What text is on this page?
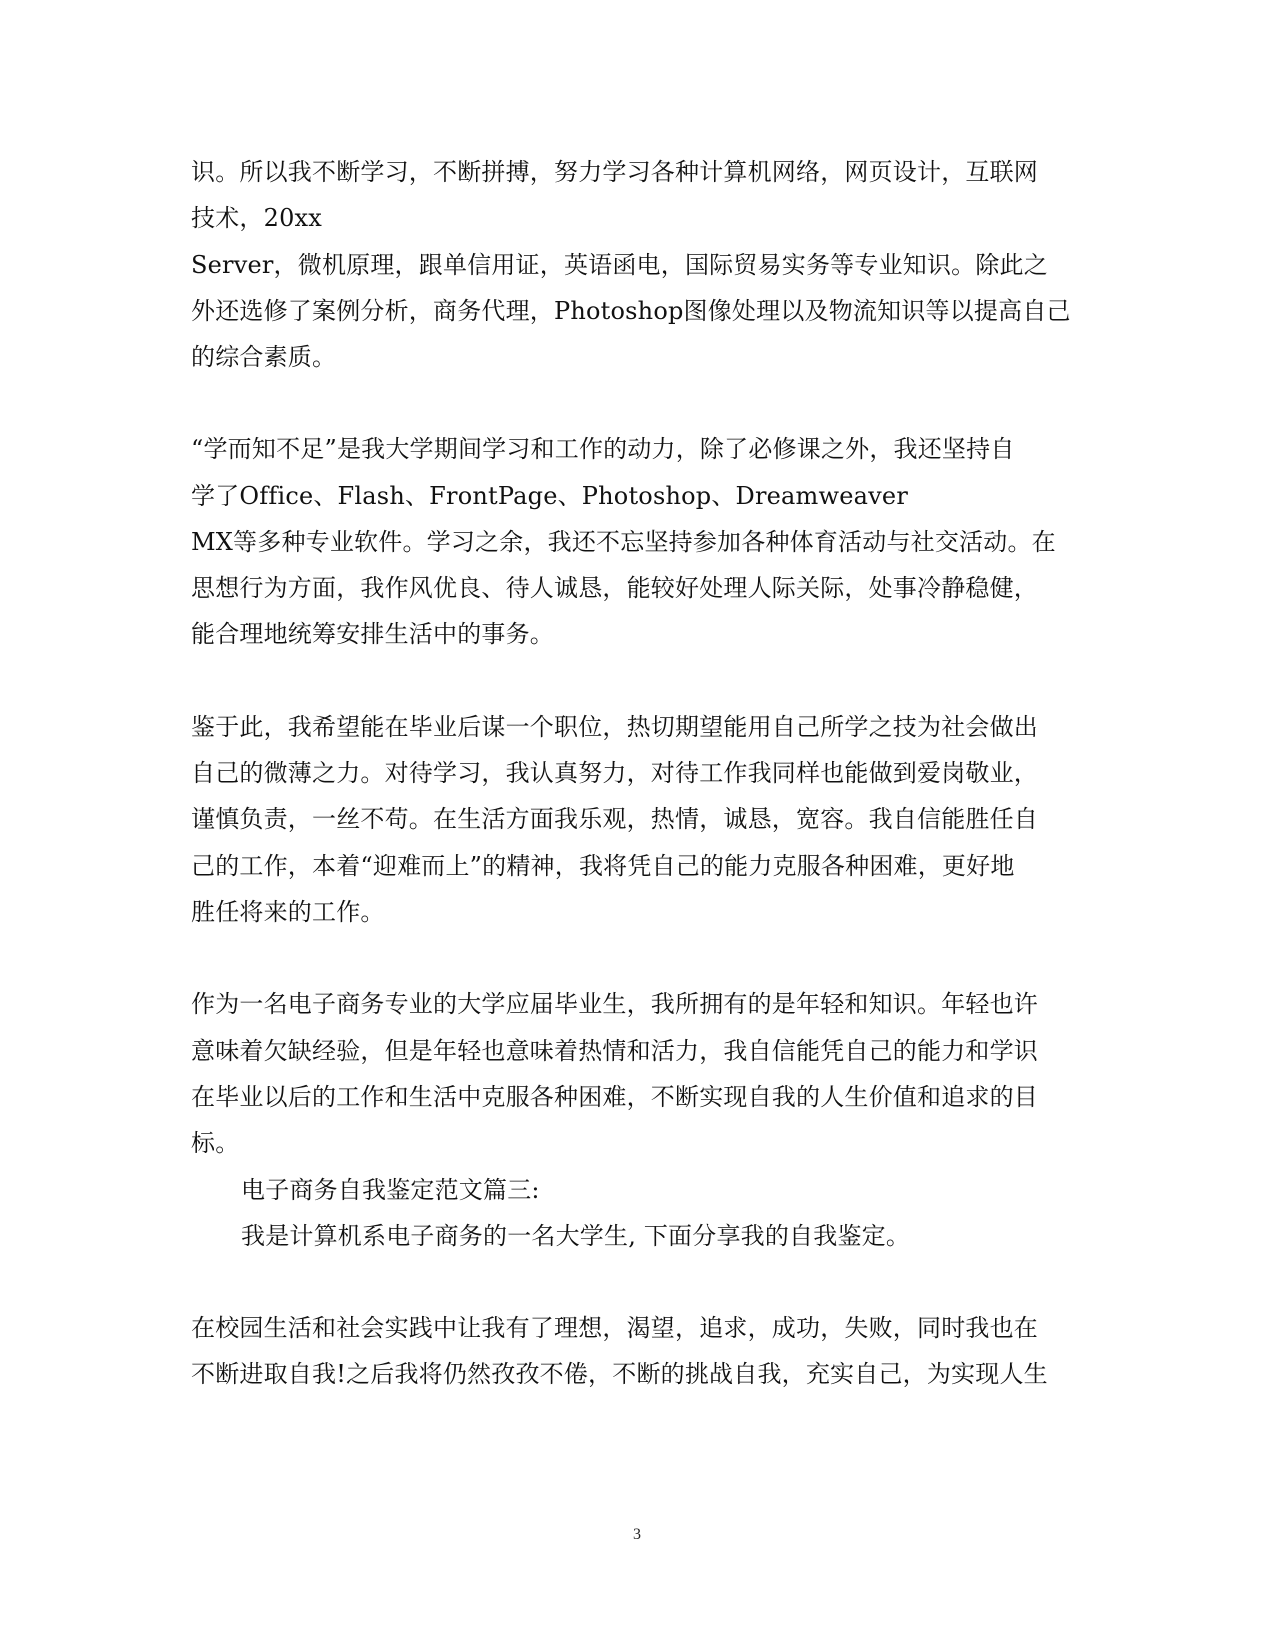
识。所以我不断学习，不断拼搏，努力学习各种计算机网络，网页设计，互联网
技术，20xx
Server，微机原理，跟单信用证，英语函电，国际贸易实务等专业知识。除此之
外还选修了案例分析，商务代理，Photoshop图像处理以及物流知识等以提高自己
的综合素质。
“学而知不足”是我大学期间学习和工作的动力，除了必修课之外，我还坚持自
学了Office、Flash、FrontPage、Photoshop、Dreamweaver
MX等多种专业软件。学习之余，我还不忘坚持参加各种体育活动与社交活动。在
思想行为方面，我作风优良、待人诚恳，能较好处理人际关际，处事冷静稳健，
能合理地统筹安排生活中的事务。
鉴于此，我希望能在毕业后谋一个职位，热切期望能用自己所学之技为社会做出
自己的微薄之力。对待学习，我认真努力，对待工作我同样也能做到爱岗敬业，
谨慎负责，一丝不苟。在生活方面我乐观，热情，诚恳，宽容。我自信能胜任自
己的工作，本着“迎难而上”的精神，我将凭自己的能力克服各种困难，更好地
胜任将来的工作。
作为一名电子商务专业的大学应届毕业生，我所拥有的是年轻和知识。年轻也许
意味着欠缺经验，但是年轻也意味着热情和活力，我自信能凭自己的能力和学识
在毕业以后的工作和生活中克服各种困难，不断实现自我的人生价值和追求的目
标。
电子商务自我鉴定范文篇三:
我是计算机系电子商务的一名大学生, 下面分享我的自我鉴定。
在校园生活和社会实践中让我有了理想，渴望，追求，成功，失败，同时我也在
不断进取自我!之后我将仍然孜孜不倦，不断的挑战自我，充实自己，为实现人生
3
